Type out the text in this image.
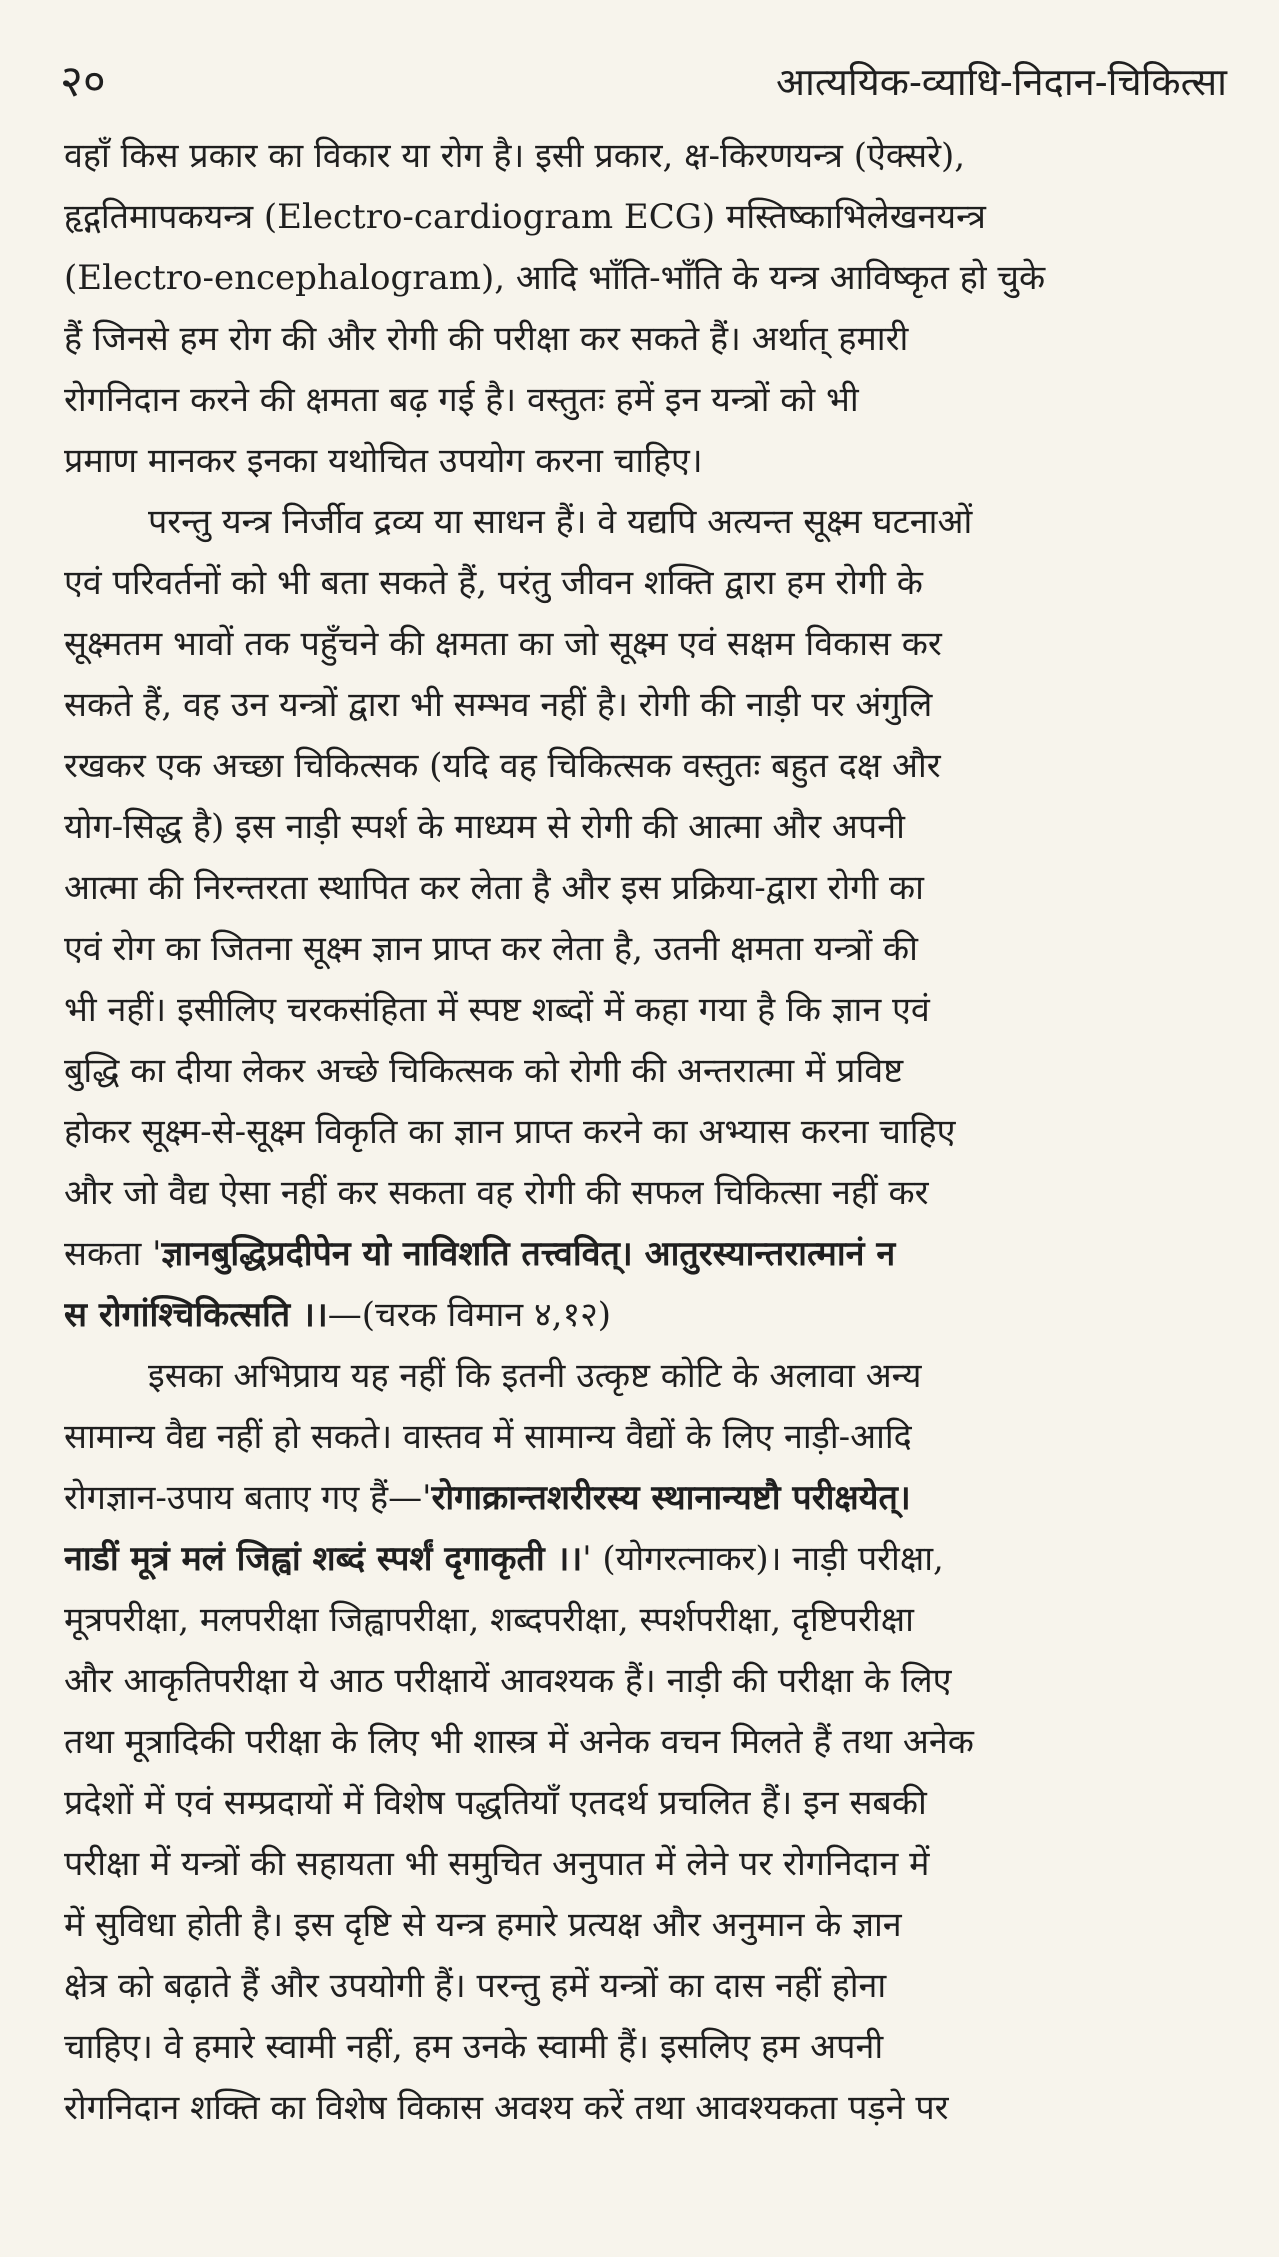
२०	आत्ययिक-व्याधि-निदान-चिकित्सा
वहाँ किस प्रकार का विकार या रोग है। इसी प्रकार, क्ष-किरणयन्त्र (ऐक्सरे),
हृद्गतिमापकयन्त्र (Electro-cardiogram ECG) मस्तिष्काभिलेखनयन्त्र
(Electro-encephalogram), आदि भाँति-भाँति के यन्त्र आविष्कृत हो चुके
हैं जिनसे हम रोग की और रोगी की परीक्षा कर सकते हैं। अर्थात् हमारी
रोगनिदान करने की क्षमता बढ़ गई है। वस्तुतः हमें इन यन्त्रों को भी
प्रमाण मानकर इनका यथोचित उपयोग करना चाहिए।
परन्तु यन्त्र निर्जीव द्रव्य या साधन हैं। वे यद्यपि अत्यन्त सूक्ष्म घटनाओं
एवं परिवर्तनों को भी बता सकते हैं, परंतु जीवन शक्ति द्वारा हम रोगी के
सूक्ष्मतम भावों तक पहुँचने की क्षमता का जो सूक्ष्म एवं सक्षम विकास कर
सकते हैं, वह उन यन्त्रों द्वारा भी सम्भव नहीं है। रोगी की नाड़ी पर अंगुलि
रखकर एक अच्छा चिकित्सक (यदि वह चिकित्सक वस्तुतः बहुत दक्ष और
योग-सिद्ध है) इस नाड़ी स्पर्श के माध्यम से रोगी की आत्मा और अपनी
आत्मा की निरन्तरता स्थापित कर लेता है और इस प्रक्रिया-द्वारा रोगी का
एवं रोग का जितना सूक्ष्म ज्ञान प्राप्त कर लेता है, उतनी क्षमता यन्त्रों की
भी नहीं। इसीलिए चरकसंहिता में स्पष्ट शब्दों में कहा गया है कि ज्ञान एवं
बुद्धि का दीया लेकर अच्छे चिकित्सक को रोगी की अन्तरात्मा में प्रविष्ट
होकर सूक्ष्म-से-सूक्ष्म विकृति का ज्ञान प्राप्त करने का अभ्यास करना चाहिए
और जो वैद्य ऐसा नहीं कर सकता वह रोगी की सफल चिकित्सा नहीं कर
सकता 'ज्ञानबुद्धिप्रदीपेन यो नाविशति तत्त्ववित्। आतुरस्यान्तरात्मानं न
स रोगांश्चिकित्सति ।।—(चरक विमान ४,१२)
इसका अभिप्राय यह नहीं कि इतनी उत्कृष्ट कोटि के अलावा अन्य
सामान्य वैद्य नहीं हो सकते। वास्तव में सामान्य वैद्यों के लिए नाड़ी-आदि
रोगज्ञान-उपाय बताए गए हैं—'रोगाक्रान्तशरीरस्य स्थानान्यष्टौ परीक्षयेत्।
नाडीं मूत्रं मलं जिह्वां शब्दं स्पर्शं दृगाकृती ।।' (योगरत्नाकर)। नाड़ी परीक्षा,
मूत्रपरीक्षा, मलपरीक्षा जिह्वापरीक्षा, शब्दपरीक्षा, स्पर्शपरीक्षा, दृष्टिपरीक्षा
और आकृतिपरीक्षा ये आठ परीक्षायें आवश्यक हैं। नाड़ी की परीक्षा के लिए
तथा मूत्रादिकी परीक्षा के लिए भी शास्त्र में अनेक वचन मिलते हैं तथा अनेक
प्रदेशों में एवं सम्प्रदायों में विशेष पद्धतियाँ एतदर्थ प्रचलित हैं। इन सबकी
परीक्षा में यन्त्रों की सहायता भी समुचित अनुपात में लेने पर रोगनिदान में
में सुविधा होती है। इस दृष्टि से यन्त्र हमारे प्रत्यक्ष और अनुमान के ज्ञान
क्षेत्र को बढ़ाते हैं और उपयोगी हैं। परन्तु हमें यन्त्रों का दास नहीं होना
चाहिए। वे हमारे स्वामी नहीं, हम उनके स्वामी हैं। इसलिए हम अपनी
रोगनिदान शक्ति का विशेष विकास अवश्य करें तथा आवश्यकता पड़ने पर
